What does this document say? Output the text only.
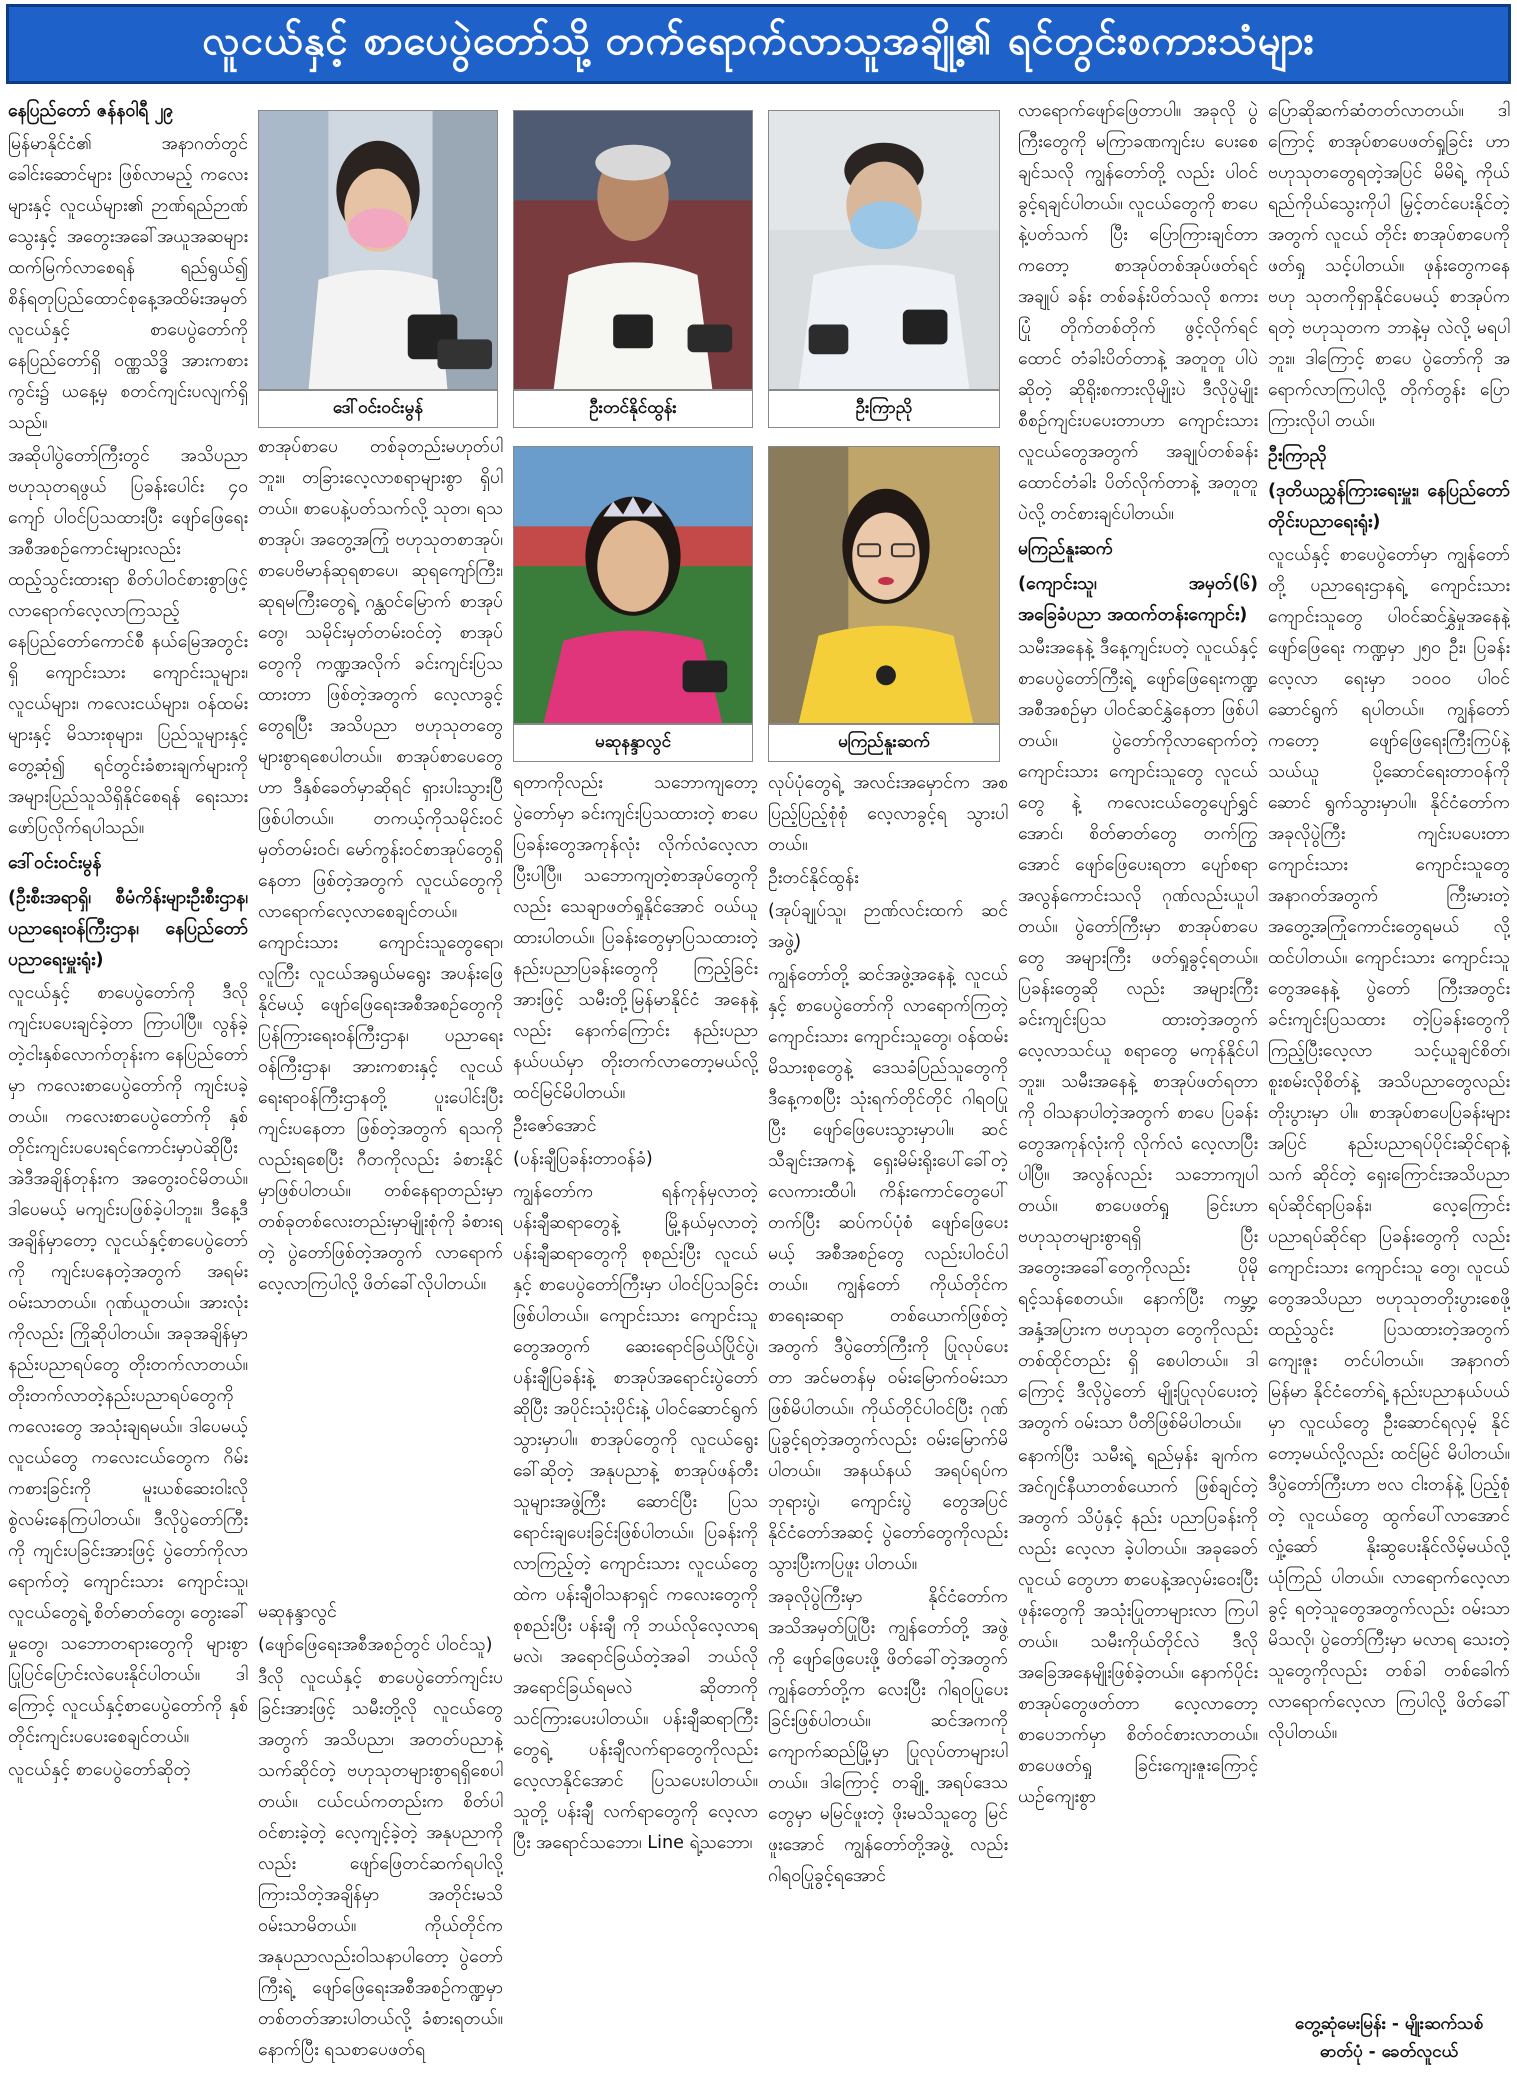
လူငယ်နှင့် စာပေပွဲတော်သို့ တက်ရောက်လာသူအချို့၏ ရင်တွင်းစကားသံများ

နေပြည်တော် ဇန်နဝါရီ ၂၉

မြန်မာနိုင်ငံ၏ အနာဂတ်တွင် ခေါင်းဆောင်များ ဖြစ်လာမည့် ကလေးများနှင့် လူငယ်များ၏ ဉာဏ်ရည်ဉာဏ်သွေးနှင့် အတွေးအခေါ်အယူအဆများ ထက်မြက်လာစေရန် ရည်ရွယ်၍ စိန်ရတုပြည်ထောင်စုနေ့အထိမ်းအမှတ် လူငယ်နှင့် စာပေပွဲတော်ကို နေပြည်တော်ရှိ ဝဏ္ဏသိဒ္ဓိ အားကစားကွင်း၌ ယနေ့မှ စတင်ကျင်းပလျက်ရှိသည်။

အဆိုပါပွဲတော်ကြီးတွင် အသိပညာဗဟုသုတရဖွယ် ပြခန်းပေါင်း ၄၀ ကျော် ပါဝင်ပြသထားပြီး ဖျော်ဖြေရေးအစီအစဉ်ကောင်းများလည်း ထည့်သွင်းထားရာ စိတ်ပါဝင်စားစွာဖြင့် လာရောက်လေ့လာကြသည့် နေပြည်တော်ကောင်စီ နယ်မြေအတွင်းရှိ ကျောင်းသား ကျောင်းသူများ၊ လူငယ်များ၊ ကလေးငယ်များ၊ ဝန်ထမ်းများနှင့် မိသားစုများ၊ ပြည်သူများနှင့်တွေ့ဆုံ၍ ရင်တွင်းခံစားချက်များကို အများပြည်သူသိရှိနိုင်စေရန် ရေးသားဖော်ပြလိုက်ရပါသည်။

ဒေါ်ဝင်းဝင်းမွန်

(ဦးစီးအရာရှိ၊ စီမံကိန်းများဦးစီးဌာန၊ ပညာရေးဝန်ကြီးဌာန၊ နေပြည်တော်ပညာရေးမှူးရုံး)

လူငယ်နှင့် စာပေပွဲတော်ကို ဒီလိုကျင်းပပေးချင်ခဲ့တာ ကြာပါပြီ။ လွန်ခဲ့တဲ့ငါးနှစ်လောက်တုန်းက နေပြည်တော်မှာ ကလေးစာပေပွဲတော်ကို ကျင်းပခဲ့တယ်။ ကလေးစာပေပွဲတော်ကို နှစ်တိုင်းကျင်းပပေးရင်ကောင်းမှာပဲဆိုပြီး အဲဒီအချိန်တုန်းက အတွေးဝင်မိတယ်။ ဒါပေမယ့် မကျင်းပဖြစ်ခဲ့ပါဘူး။ ဒီနေ့ဒီအချိန်မှာတော့ လူငယ်နှင့်စာပေပွဲတော်ကို ကျင်းပနေတဲ့အတွက် အရမ်းဝမ်းသာတယ်။ ဂုဏ်ယူတယ်။ အားလုံးကိုလည်း ကြိုဆိုပါတယ်။ အခုအချိန်မှာ နည်းပညာရပ်တွေ တိုးတက်လာတယ်။ တိုးတက်လာတဲ့နည်းပညာရပ်တွေကို ကလေးတွေ အသုံးချရမယ်။ ဒါပေမယ့် လူငယ်တွေ ကလေးငယ်တွေက ဂိမ်းကစားခြင်းကို မူးယစ်ဆေးဝါးလို စွဲလမ်းနေကြပါတယ်။ ဒီလိုပွဲတော်ကြီးကို ကျင်းပခြင်းအားဖြင့် ပွဲတော်ကိုလာရောက်တဲ့ ကျောင်းသား ကျောင်းသူ၊ လူငယ်တွေရဲ့ စိတ်ဓာတ်တွေ၊ တွေးခေါ်မှုတွေ၊ သဘောတရားတွေကို များစွာ ပြုပြင်ပြောင်းလဲပေးနိုင်ပါတယ်။ ဒါကြောင့် လူငယ်နှင့်စာပေပွဲတော်ကို နှစ်တိုင်းကျင်းပပေးစေချင်တယ်။

လူငယ်နှင့် စာပေပွဲတော်ဆိုတဲ့

ဒေါ်ဝင်းဝင်းမွန်	ဦးတင်နိုင်ထွန်း	ဦးကြာညို

စာအုပ်စာပေ တစ်ခုတည်းမဟုတ်ပါဘူး။ တခြားလေ့လာစရာများစွာ ရှိပါတယ်။ စာပေနဲ့ပတ်သက်လို့ သုတ၊ ရသစာအုပ်၊ အတွေ့အကြုံ ဗဟုသုတစာအုပ်၊ စာပေဗိမာန်ဆုရစာပေ၊ ဆုရကျော်ကြီး၊ ဆုရမကြီးတွေရဲ့ ဂန္ထဝင်မြောက် စာအုပ်တွေ၊ သမိုင်းမှတ်တမ်းဝင်တဲ့ စာအုပ်တွေကို ကဏ္ဍအလိုက် ခင်းကျင်းပြသထားတာ ဖြစ်တဲ့အတွက် လေ့လာခွင့်တွေရပြီး အသိပညာ ဗဟုသုတတွေ များစွာရစေပါတယ်။ စာအုပ်စာပေတွေဟာ ဒီနှစ်ခေတ်မှာဆိုရင် ရှားပါးသွားပြီ ဖြစ်ပါတယ်။ တကယ့်ကိုသမိုင်းဝင်မှတ်တမ်းဝင်၊ မော်ကွန်းဝင်စာအုပ်တွေရှိနေတာ ဖြစ်တဲ့အတွက် လူငယ်တွေကို လာရောက်လေ့လာစေချင်တယ်။ ကျောင်းသား ကျောင်းသူတွေရော၊ လူကြီး လူငယ်အရွယ်မရွေး အပန်းဖြေနိုင်မယ့် ဖျော်ဖြေရေးအစီအစဉ်တွေကို ပြန်ကြားရေးဝန်ကြီးဌာန၊ ပညာရေးဝန်ကြီးဌာန၊ အားကစားနှင့် လူငယ်ရေးရာဝန်ကြီးဌာနတို့ ပူးပေါင်းပြီးကျင်းပနေတာ ဖြစ်တဲ့အတွက် ရသကိုလည်းရစေပြီး ဂီတကိုလည်း ခံစားနိုင်မှာဖြစ်ပါတယ်။ တစ်နေရာတည်းမှာ တစ်ခုတစ်လေးတည်းမှာမျိုးစုံကို ခံစားရတဲ့ ပွဲတော်ဖြစ်တဲ့အတွက် လာရောက်လေ့လာကြပါလို့ ဖိတ်ခေါ်လိုပါတယ်။

မဆုနန္ဒာလွင်

(ဖျော်ဖြေရေးအစီအစဉ်တွင် ပါဝင်သူ)

ဒီလို လူငယ်နှင့် စာပေပွဲတော်ကျင်းပခြင်းအားဖြင့် သမီးတို့လို လူငယ်တွေအတွက် အသိပညာ၊ အတတ်ပညာနဲ့ သက်ဆိုင်တဲ့ ဗဟုသုတများစွာရရှိစေပါတယ်။ ငယ်ငယ်ကတည်းက စိတ်ပါဝင်စားခဲ့တဲ့ လေ့ကျင့်ခဲ့တဲ့ အနုပညာကိုလည်း ဖျော်ဖြေတင်ဆက်ရပါလို့ ကြားသိတဲ့အချိန်မှာ အတိုင်းမသိဝမ်းသာမိတယ်။ ကိုယ်တိုင်က အနုပညာလည်းဝါသနာပါတော့ ပွဲတော်ကြီးရဲ့ ဖျော်ဖြေရေးအစီအစဉ်ကဏ္ဍမှာ တစ်တတ်အားပါတယ်လို့ ခံစားရတယ်။ နောက်ပြီး ရသစာပေဖတ်ရ

မဆုနန္ဒာလွင်	မကြည်နူးဆက်

ရတာကိုလည်း သဘောကျတော့ ပွဲတော်မှာ ခင်းကျင်းပြသထားတဲ့ စာပေပြခန်းတွေအကုန်လုံး လိုက်လံလေ့လာပြီးပါပြီ။ သဘောကျတဲ့စာအုပ်တွေကိုလည်း သေချာဖတ်ရှုနိုင်အောင် ဝယ်ယူထားပါတယ်။ ပြခန်းတွေမှာပြသထားတဲ့ နည်းပညာပြခန်းတွေကို ကြည့်ခြင်းအားဖြင့် သမီးတို့မြန်မာနိုင်ငံ အနေနဲ့လည်း နောက်ကြောင်း နည်းပညာနယ်ပယ်မှာ တိုးတက်လာတော့မယ်လို့ ထင်မြင်မိပါတယ်။

ဦးဇော်အောင်

(ပန်းချီပြခန်းတာဝန်ခံ)

ကျွန်တော်က ရန်ကုန်မှလာတဲ့ ပန်းချီဆရာတွေနဲ့ မြို့နယ်မှလာတဲ့ ပန်းချီဆရာတွေကို စုစည်းပြီး လူငယ်နှင့် စာပေပွဲတော်ကြီးမှာ ပါဝင်ပြသခြင်း ဖြစ်ပါတယ်။ ကျောင်းသား ကျောင်းသူတွေအတွက် ဆေးရောင်ခြယ်ပြိုင်ပွဲ၊ ပန်းချီပြခန်းနဲ့ စာအုပ်အရောင်းပွဲတော်ဆိုပြီး အပိုင်းသုံးပိုင်းနဲ့ ပါဝင်ဆောင်ရွက်သွားမှာပါ။ စာအုပ်တွေကို လူငယ်ရွေးခေါ်ဆိုတဲ့ အနုပညာနဲ့ စာအုပ်ဖန်တီးသူများအဖွဲ့ကြီး ဆောင်ပြီး ပြသရောင်းချပေးခြင်းဖြစ်ပါတယ်။ ပြခန်းကို လာကြည့်တဲ့ ကျောင်းသား လူငယ်တွေထဲက ပန်းချီဝါသနာရှင် ကလေးတွေကို စုစည်းပြီး ပန်းချီ ကို ဘယ်လိုလေ့လာရမလဲ၊ အရောင်ခြယ်တဲ့အခါ ဘယ်လိုအရောင်ခြယ်ရမလဲ ဆိုတာကို သင်ကြားပေးပါတယ်။ ပန်းချီဆရာကြီးတွေရဲ့ ပန်းချီလက်ရာတွေကိုလည်း လေ့လာနိုင်အောင် ပြသပေးပါတယ်။ သူတို့ ပန်းချီ လက်ရာတွေကို လေ့လာပြီး အရောင်သဘော၊ Line ရဲ့သဘော၊

လုပ်ပုံတွေရဲ့ အလင်းအမှောင်က အစ ပြည့်ပြည့်စုံစုံ လေ့လာခွင့်ရ သွားပါတယ်။

ဦးတင်နိုင်ထွန်း

(အုပ်ချုပ်သူ၊ ဉာဏ်လင်းထက် ဆင်အဖွဲ့)

ကျွန်တော်တို့ ဆင်အဖွဲ့အနေနဲ့ လူငယ်နှင့် စာပေပွဲတော်ကို လာရောက်ကြတဲ့ ကျောင်းသား ကျောင်းသူတွေ၊ ဝန်ထမ်းမိသားစုတွေနဲ့ ဒေသခံပြည်သူတွေကို ဒီနေ့ကစပြီး သုံးရက်တိုင်တိုင် ဂါရဝပြုပြီး ဖျော်ဖြေပေးသွားမှာပါ။ ဆင်သီချင်းအကနဲ့ ရှေးမိမ်းရိုးပေါ်ခေါ်တဲ့လေကားထီပါ၊ ကိန်းကောင်တွေပေါ်တက်ပြီး ဆပ်ကပ်ပုံစံ ဖျော်ဖြေပေးမယ့် အစီအစဉ်တွေ လည်းပါဝင်ပါတယ်။ ကျွန်တော် ကိုယ်တိုင်က စာရေးဆရာ တစ်ယောက်ဖြစ်တဲ့အတွက် ဒီပွဲတော်ကြီးကို ပြုလုပ်ပေးတာ အင်မတန်မှ ဝမ်းမြောက်ဝမ်းသာ ဖြစ်မိပါတယ်။ ကိုယ်တိုင်ပါဝင်ပြီး ဂုဏ်ပြုခွင့်ရတဲ့အတွက်လည်း ဝမ်းမြောက်မိပါတယ်။ အနယ်နယ် အရပ်ရပ်က ဘုရားပွဲ၊ ကျောင်းပွဲ တွေအပြင် နိုင်ငံတော်အဆင့် ပွဲတော်တွေကိုလည်း သွားပြီးကပြဖူး ပါတယ်။

အခုလိုပွဲကြီးမှာ နိုင်ငံတော်က အသိအမှတ်ပြုပြီး ကျွန်တော်တို့ အဖွဲ့ကို ဖျော်ဖြေပေးဖို့ ဖိတ်ခေါ်တဲ့အတွက် ကျွန်တော်တို့က လေးပြီး ဂါရဝပြုပေးခြင်းဖြစ်ပါတယ်။ ဆင်အကကို ကျောက်ဆည်မြို့မှာ ပြုလုပ်တာများပါတယ်။ ဒါကြောင့် တချို့ အရပ်ဒေသတွေမှာ မမြင်ဖူးတဲ့ ဖိုးမသိသူတွေ မြင်ဖူးအောင် ကျွန်တော်တို့အဖွဲ့ လည်း ဂါရဝပြုခွင့်ရအောင်

လာရောက်ဖျော်ဖြေတာပါ။ အခုလို ပွဲကြီးတွေကို မကြာခဏကျင်းပ ပေးစေချင်သလို ကျွန်တော်တို့ လည်း ပါဝင်ခွင့်ရချင်ပါတယ်။ လူငယ်တွေကို စာပေနဲ့ပတ်သက် ပြီး ပြောကြားချင်တာကတော့ စာအုပ်တစ်အုပ်ဖတ်ရင် အချုပ် ခန်း တစ်ခန်းပိတ်သလို စကားပြုံ တိုက်တစ်တိုက် ဖွင့်လိုက်ရင် ထောင် တံခါးပိတ်တာနဲ့ အတူတူ ပါပဲဆိုတဲ့ ဆိုရိုးစကားလိုမျိုးပဲ ဒီလိုပွဲမျိုးစီစဉ်ကျင်းပပေးတာဟာ ကျောင်းသား လူငယ်တွေအတွက် အချုပ်တစ်ခန်း ထောင်တံခါး ပိတ်လိုက်တာနဲ့ အတူတူပဲလို့ တင်စားချင်ပါတယ်။

မကြည်နူးဆက်

(ကျောင်းသူ၊ အမှတ်(၆) အခြေခံပညာ အထက်တန်းကျောင်း)

သမီးအနေနဲ့ ဒီနေ့ကျင်းပတဲ့ လူငယ်နှင့်စာပေပွဲတော်ကြီးရဲ့ ဖျော်ဖြေရေးကဏ္ဍ အစီအစဉ်မှာ ပါဝင်ဆင်နွှဲနေတာ ဖြစ်ပါတယ်။ ပွဲတော်ကိုလာရောက်တဲ့ ကျောင်းသား ကျောင်းသူတွေ လူငယ်တွေ နဲ့ ကလေးငယ်တွေပျော်ရွှင်အောင်၊ စိတ်ဓာတ်တွေ တက်ကြွ အောင် ဖျော်ဖြေပေးရတာ ပျော်စရာအလွန်ကောင်းသလို ဂုဏ်လည်းယူပါတယ်။ ပွဲတော်ကြီးမှာ စာအုပ်စာပေတွေ အများကြီး ဖတ်ရှုခွင့်ရတယ်။ ပြခန်းတွေဆို လည်း အများကြီးခင်းကျင်းပြသ ထားတဲ့အတွက် လေ့လာသင်ယူ စရာတွေ မကုန်နိုင်ပါဘူး။ သမီးအနေနဲ့ စာအုပ်ဖတ်ရတာ ကို ဝါသနာပါတဲ့အတွက် စာပေ ပြခန်းတွေအကုန်လုံးကို လိုက်လံ လေ့လာပြီးပါပြီ။ အလွန်လည်း သဘောကျပါတယ်။ စာပေဖတ်ရှု ခြင်းဟာ ဗဟုသုတများစွာရရှိ ပြီး အတွေးအခေါ်တွေကိုလည်း ပိုမိုရင့်သန်စေတယ်။ နောက်ပြီး ကမ္ဘာ့အနှံ့အပြားက ဗဟုသုတ တွေကိုလည်း တစ်ထိုင်တည်း ရှိ စေပါတယ်။ ဒါကြောင့် ဒီလိုပွဲတော် မျိုးပြုလုပ်ပေးတဲ့အတွက် ဝမ်းသာ ပီတိဖြစ်မိပါတယ်။

နောက်ပြီး သမီးရဲ့ ရည်မှန်း ချက်ကအင်ဂျင်နီယာတစ်ယောက် ဖြစ်ချင်တဲ့အတွက် သိပ္ပံနှင့် နည်း ပညာပြခန်းကိုလည်း လေ့လာ ခဲ့ပါတယ်။ အခုခေတ်လူငယ် တွေဟာ စာပေနဲ့အလှမ်းဝေးပြီး ဖုန်းတွေကို အသုံးပြုတာများလာ ကြပါတယ်။ သမီးကိုယ်တိုင်လဲ ဒီလိုအခြေအနေမျိုးဖြစ်ခဲ့တယ်။ နောက်ပိုင်း စာအုပ်တွေဖတ်တာ လေ့လာတော့ စာပေဘက်မှာ စိတ်ဝင်စားလာတယ်။ စာပေဖတ်ရှု ခြင်းကျေးဇူးကြောင့် ယဉ်ကျေးစွာ

ပြောဆိုဆက်ဆံတတ်လာတယ်။ ဒါကြောင့် စာအုပ်စာပေဖတ်ရှုခြင်း ဟာ ဗဟုသုတတွေရတဲ့အပြင် မိမိရဲ့ ကိုယ်ရည်ကိုယ်သွေးကိုပါ မြှင့်တင်ပေးနိုင်တဲ့အတွက် လူငယ် တိုင်း စာအုပ်စာပေကို ဖတ်ရှု သင့်ပါတယ်။ ဖုန်းတွေကနေ ဗဟု သုတကိုရှာနိုင်ပေမယ့် စာအုပ်က ရတဲ့ ဗဟုသုတက ဘာနဲ့မှ လဲလို့ မရပါဘူး။ ဒါကြောင့် စာပေ ပွဲတော်ကို အရောက်လာကြပါလို့ တိုက်တွန်း ပြောကြားလိုပါ တယ်။

ဦးကြာညို

(ဒုတိယညွှန်ကြားရေးမှူး၊ နေပြည်တော်တိုင်းပညာရေးရုံး)

လူငယ်နှင့် စာပေပွဲတော်မှာ ကျွန်တော်တို့ ပညာရေးဌာနရဲ့ ကျောင်းသား ကျောင်းသူတွေ ပါဝင်ဆင်နွှဲမှုအနေနဲ့ ဖျော်ဖြေရေး ကဏ္ဍမှာ ၂၅၀ ဦး၊ ပြခန်းလေ့လာ ရေးမှာ ၁၀၀၀ ပါဝင်ဆောင်ရွက် ရပါတယ်။ ကျွန်တော်ကတော့ ဖျော်ဖြေရေးကြီးကြပ်နဲ့ သယ်ယူ ပို့ဆောင်ရေးတာဝန်ကို ဆောင် ရွက်သွားမှာပါ။ နိုင်ငံတော်က အခုလိုပွဲကြီး ကျင်းပပေးတာ ကျောင်းသား ကျောင်းသူတွေ အနာဂတ်အတွက် ကြီးမားတဲ့ အတွေ့အကြုံကောင်းတွေရမယ် လို့ ထင်ပါတယ်။ ကျောင်းသား ကျောင်းသူတွေအနေနဲ့ ပွဲတော် ကြီးအတွင်း ခင်းကျင်းပြသထား တဲ့ပြခန်းတွေကိုကြည့်ပြီးလေ့လာ သင့်ယူချင်စိတ်၊ စူးစမ်းလိုစိတ်နဲ့ အသိပညာတွေလည်း တိုးပွားမှာ ပါ။ စာအုပ်စာပေပြခန်းများအပြင် နည်းပညာရပ်ပိုင်းဆိုင်ရာနဲ့ သက် ဆိုင်တဲ့ ရှေးကြောင်းအသိပညာ ရပ်ဆိုင်ရာပြခန်း၊ လေ့ကြောင်း ပညာရပ်ဆိုင်ရာ ပြခန်းတွေကို လည်း ကျောင်းသား ကျောင်းသူ တွေ၊ လူငယ်တွေအသိပညာ ဗဟုသုတတိုးပွားစေဖို့ ထည့်သွင်း ပြသထားတဲ့အတွက် ကျေးဇူး တင်ပါတယ်။ အနာဂတ် မြန်မာ နိုင်ငံတော်ရဲ့ နည်းပညာနယ်ပယ် မှာ လူငယ်တွေ ဦးဆောင်ရလှမ့် နိုင်တော့မယ်လို့လည်း ထင်မြင် မိပါတယ်။ ဒီပွဲတော်ကြီးဟာ ဗလ ငါးတန်နဲ့ ပြည့်စုံတဲ့ လူငယ်တွေ ထွက်ပေါ်လာအောင် လှုံ့ဆော် နိုးဆွပေးနိုင်လိမ့်မယ်လို့ ယုံကြည် ပါတယ်။ လာရောက်လေ့လာခွင့် ရတဲ့သူတွေအတွက်လည်း ဝမ်းသာ မိသလို၊ ပွဲတော်ကြီးမှာ မလာရ သေးတဲ့သူတွေကိုလည်း တစ်ခါ တစ်ခေါက် လာရောက်လေ့လာ ကြပါလို့ ဖိတ်ခေါ်လိုပါတယ်။

တွေ့ဆုံမေးမြန်း - မျိုးဆက်သစ်
ဓာတ်ပုံ - ခေတ်လူငယ်
